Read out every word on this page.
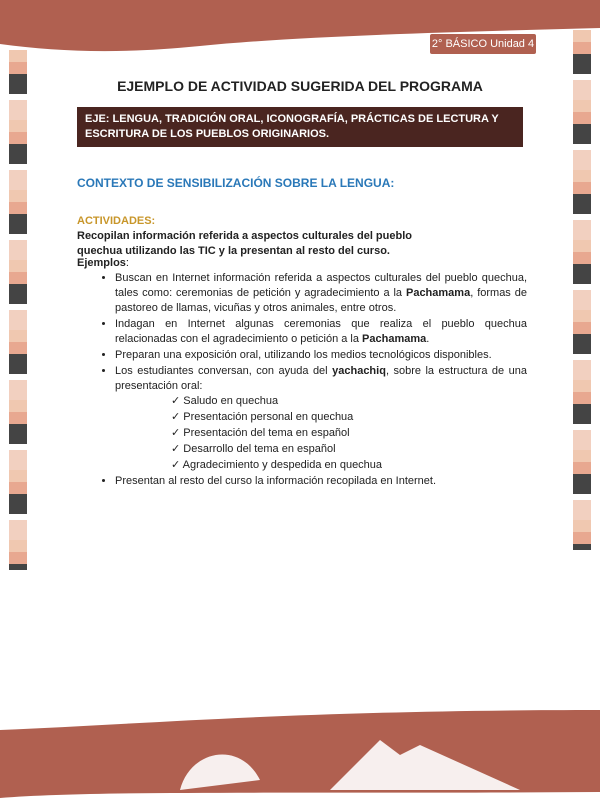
2° BÁSICO Unidad 4
EJEMPLO DE ACTIVIDAD SUGERIDA DEL PROGRAMA
EJE: LENGUA, TRADICIÓN ORAL, ICONOGRAFÍA, PRÁCTICAS DE LECTURA Y ESCRITURA DE LOS PUEBLOS ORIGINARIOS.
CONTEXTO DE SENSIBILIZACIÓN SOBRE LA LENGUA:
ACTIVIDADES: Recopilan información referida a aspectos culturales del pueblo quechua utilizando las TIC y la presentan al resto del curso.
Ejemplos:
• Buscan en Internet información referida a aspectos culturales del pueblo quechua, tales como: ceremonias de petición y agradecimiento a la Pachamama, formas de pastoreo de llamas, vicuñas y otros animales, entre otros.
• Indagan en Internet algunas ceremonias que realiza el pueblo quechua relacionadas con el agradecimiento o petición a la Pachamama.
• Preparan una exposición oral, utilizando los medios tecnológicos disponibles.
• Los estudiantes conversan, con ayuda del yachachiq, sobre la estructura de una presentación oral:
✓ Saludo en quechua
✓ Presentación personal en quechua
✓ Presentación del tema en español
✓ Desarrollo del tema en español
✓ Agradecimiento y despedida en quechua
• Presentan al resto del curso la información recopilada en Internet.
